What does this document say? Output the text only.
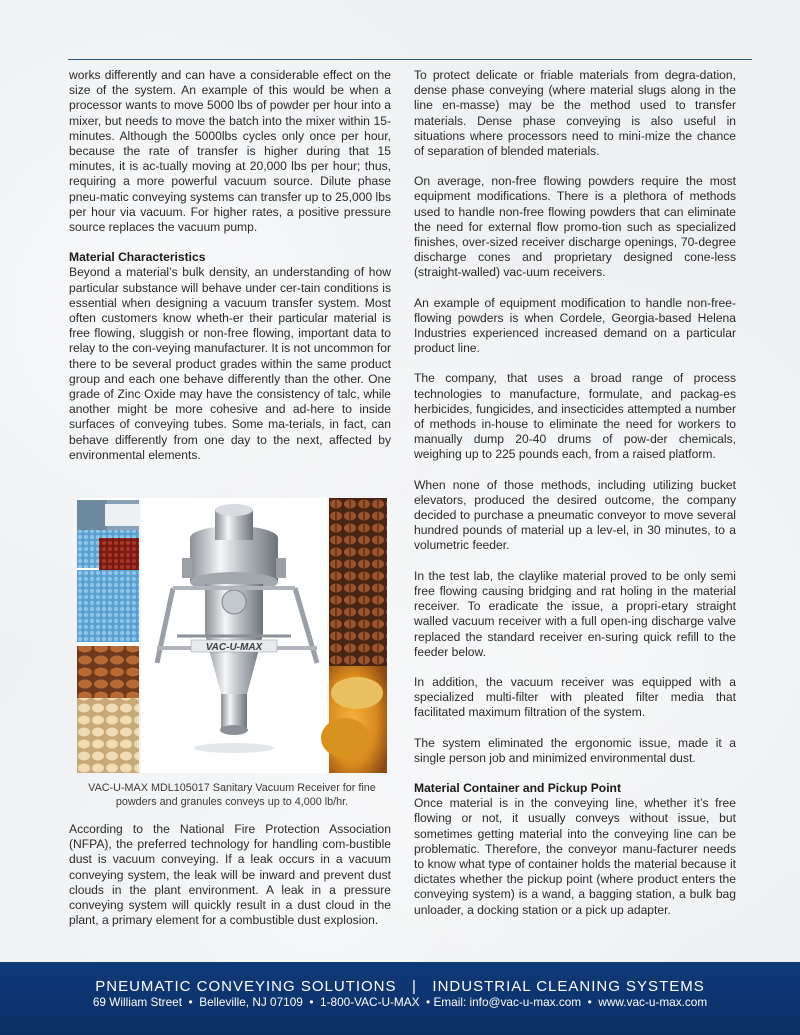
works differently and can have a considerable effect on the size of the system. An example of this would be when a processor wants to move 5000 lbs of powder per hour into a mixer, but needs to move the batch into the mixer within 15-minutes. Although the 5000lbs cycles only once per hour, because the rate of transfer is higher during that 15 minutes, it is ac-tually moving at 20,000 lbs per hour; thus, requiring a more powerful vacuum source. Dilute phase pneu-matic conveying systems can transfer up to 25,000 lbs per hour via vacuum. For higher rates, a positive pressure source replaces the vacuum pump.

Material Characteristics

Beyond a material’s bulk density, an understanding of how particular substance will behave under cer-tain conditions is essential when designing a vacuum transfer system. Most often customers know wheth-er their particular material is free flowing, sluggish or non-free flowing, important data to relay to the con-veying manufacturer. It is not uncommon for there to be several product grades within the same product group and each one behave differently than the other. One grade of Zinc Oxide may have the consistency of talc, while another might be more cohesive and ad-here to inside surfaces of conveying tubes. Some ma-terials, in fact, can behave differently from one day to the next, affected by environmental elements.

VAC-U-MAX
VAC-U-MAX MDL105017 Sanitary Vacuum Receiver for fine powders and granules conveys up to 4,000 lb/hr.

According to the National Fire Protection Association (NFPA), the preferred technology for handling com-bustible dust is vacuum conveying. If a leak occurs in a vacuum conveying system, the leak will be inward and prevent dust clouds in the plant environment. A leak in a pressure conveying system will quickly result in a dust cloud in the plant, a primary element for a combustible dust explosion.

To protect delicate or friable materials from degra-dation, dense phase conveying (where material slugs along in the line en-masse) may be the method used to transfer materials. Dense phase conveying is also useful in situations where processors need to mini-mize the chance of separation of blended materials.

On average, non-free flowing powders require the most equipment modifications. There is a plethora of methods used to handle non-free flowing powders that can eliminate the need for external flow promo-tion such as specialized finishes, over-sized receiver discharge openings, 70-degree discharge cones and proprietary designed cone-less (straight-walled) vac-uum receivers.

An example of equipment modification to handle non-free-flowing powders is when Cordele, Georgia-based Helena Industries experienced increased demand on a particular product line.

The company, that uses a broad range of process technologies to manufacture, formulate, and packag-es herbicides, fungicides, and insecticides attempted a number of methods in-house to eliminate the need for workers to manually dump 20-40 drums of pow-der chemicals, weighing up to 225 pounds each, from a raised platform.

When none of those methods, including utilizing bucket elevators, produced the desired outcome, the company decided to purchase a pneumatic conveyor to move several hundred pounds of material up a lev-el, in 30 minutes, to a volumetric feeder.

In the test lab, the claylike material proved to be only semi free flowing causing bridging and rat holing in the material receiver. To eradicate the issue, a propri-etary straight walled vacuum receiver with a full open-ing discharge valve replaced the standard receiver en-suring quick refill to the feeder below.

In addition, the vacuum receiver was equipped with a specialized multi-filter with pleated filter media that facilitated maximum filtration of the system.

The system eliminated the ergonomic issue, made it a single person job and minimized environmental dust.

Material Container and Pickup Point

Once material is in the conveying line, whether it’s free flowing or not, it usually conveys without issue, but sometimes getting material into the conveying line can be problematic. Therefore, the conveyor manu-facturer needs to know what type of container holds the material because it dictates whether the pickup point (where product enters the conveying system) is a wand, a bagging station, a bulk bag unloader, a docking station or a pick up adapter.

PNEUMATIC CONVEYING SOLUTIONS   |   INDUSTRIAL CLEANING SYSTEMS
69 William Street  •  Belleville, NJ 07109  •  1-800-VAC-U-MAX  • Email: info@vac-u-max.com  •  www.vac-u-max.com
